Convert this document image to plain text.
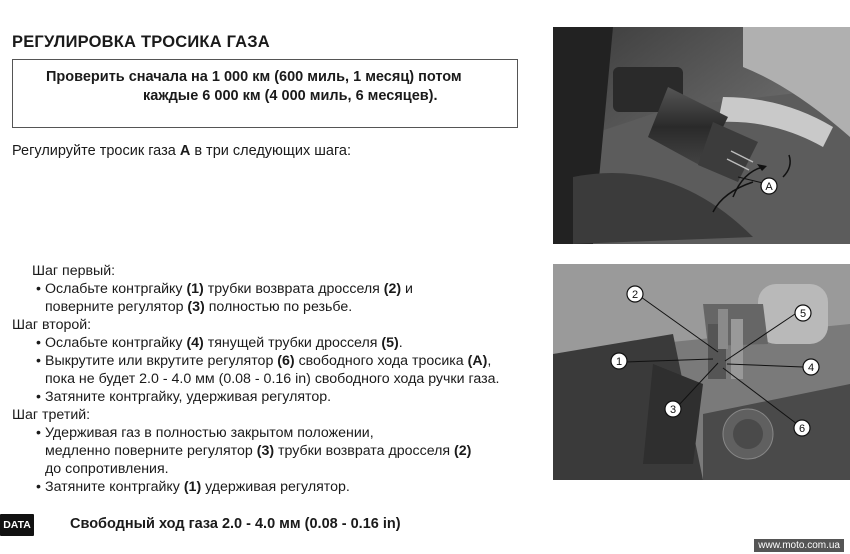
РЕГУЛИРОВКА ТРОСИКА ГАЗА
Проверить сначала на 1 000 км (600 миль, 1 месяц) потом
каждые 6 000 км (4 000 миль, 6 месяцев).
Регулируйте тросик газа A в три следующих шага:
A
1
2
3
4
5
6
Шаг первый:
• Ослабьте контргайку (1) трубки возврата дросселя (2) и
поверните регулятор (3) полностью по резьбе.
Шаг второй:
• Ослабьте контргайку (4) тянущей трубки дросселя (5).
• Выкрутите или вкрутите регулятор (6) свободного хода тросика (A),
пока не будет 2.0 - 4.0 мм (0.08 - 0.16 in) свободного хода ручки газа.
• Затяните контргайку, удерживая регулятор.
Шаг третий:
• Удерживая газ в полностью закрытом положении,
медленно поверните регулятор (3) трубки возврата дросселя (2)
до сопротивления.
• Затяните контргайку (1) удерживая регулятор.
DATA	Свободный ход газа 2.0 - 4.0 мм (0.08 - 0.16 in)
www.moto.com.ua
